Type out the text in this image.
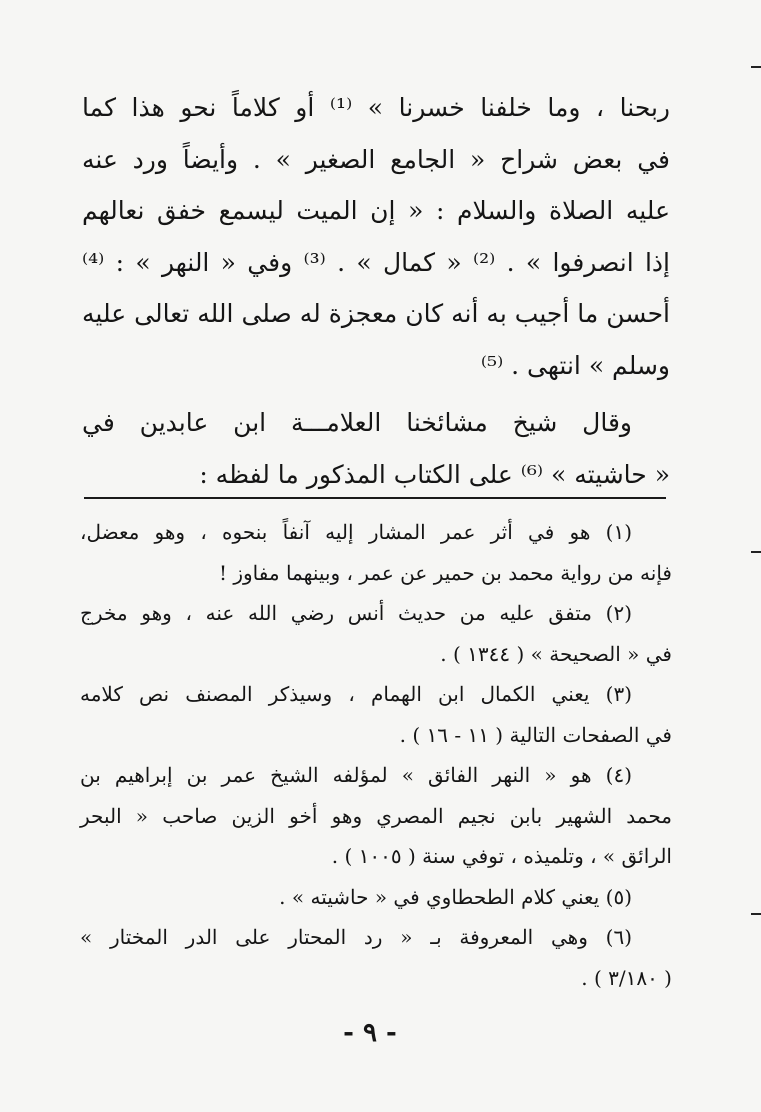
ربحنا ، وما خلفنا خسرنا » ⁽¹⁾ أو كلاماً نحو هذا كما
في بعض شراح « الجامع الصغير » . وأيضاً ورد عنه
عليه الصلاة والسلام : « إن الميت ليسمع خفق نعالهم
إذا انصرفوا » . ⁽²⁾ « كمال » . ⁽³⁾ وفي « النهر » : ⁽⁴⁾
أحسن ما أجيب به أنه كان معجزة له صلى الله تعالى عليه
وسلم » انتهى . ⁽⁵⁾
وقال شيخ مشائخنا العلامـــة ابن عابدين في
« حاشيته » ⁽⁶⁾ على الكتاب المذكور ما لفظه :
(١) هو في أثر عمر المشار إليه آنفاً بنحوه ، وهو معضل،
فإنه من رواية محمد بن حمير عن عمر ، وبينهما مفاوز !
(٢) متفق عليه من حديث أنس رضي الله عنه ، وهو مخرج
في « الصحيحة » ( ١٣٤٤ ) .
(٣) يعني الكمال ابن الهمام ، وسيذكر المصنف نص كلامه
في الصفحات التالية ( ١١ - ١٦ ) .
(٤) هو « النهر الفائق » لمؤلفه الشيخ عمر بن إبراهيم بن
محمد الشهير بابن نجيم المصري وهو أخو الزين صاحب « البحر
الرائق » ، وتلميذه ، توفي سنة ( ١٠٠٥ ) .
(٥) يعني كلام الطحطاوي في « حاشيته » .
(٦) وهي المعروفة بـ « رد المحتار على الدر المختار »
( ٣/١٨٠ ) .
- ٩ -
